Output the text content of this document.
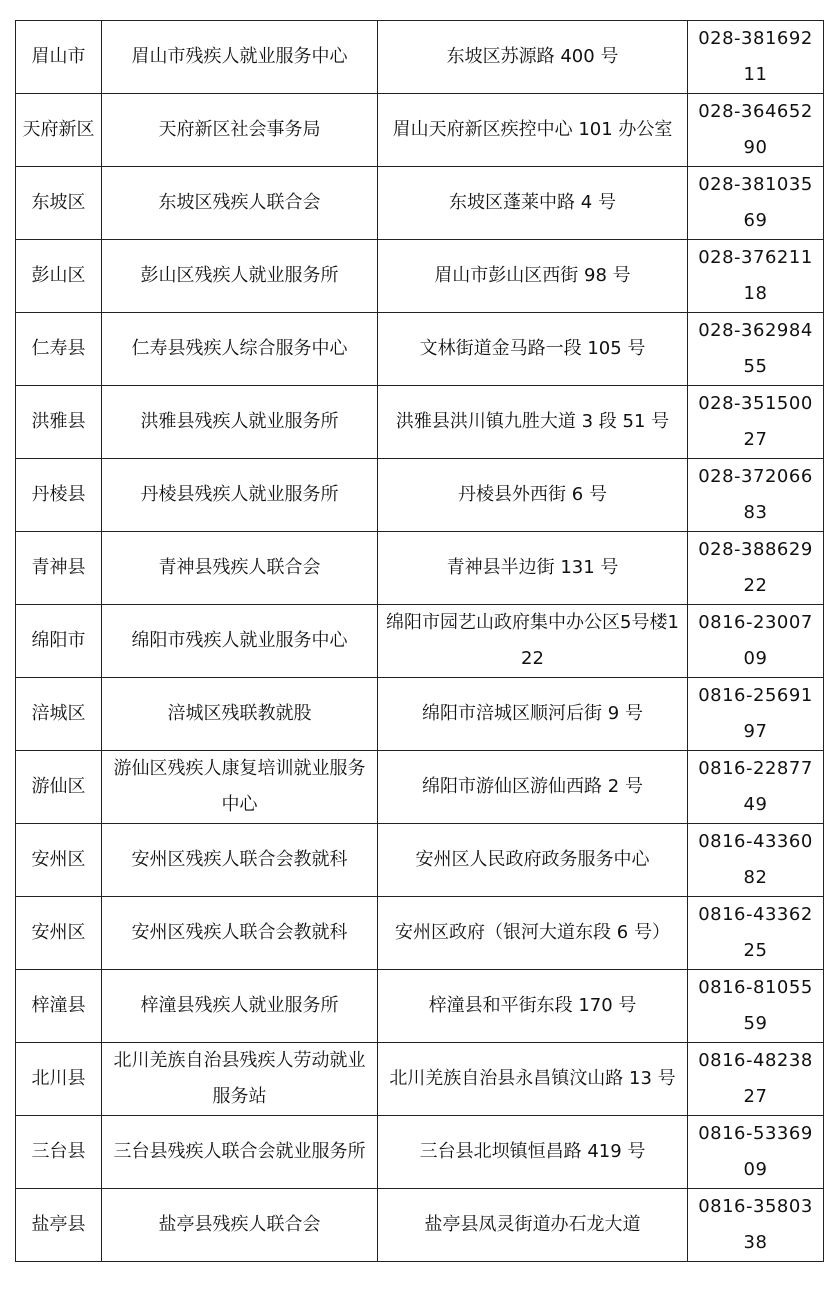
眉山市	眉山市残疾人就业服务中心	东坡区苏源路 400 号	028-381692
11

天府新区	天府新区社会事务局	眉山天府新区疾控中心 101 办公室	028-364652
90

东坡区	东坡区残疾人联合会	东坡区蓬莱中路 4 号	028-381035
69

彭山区	彭山区残疾人就业服务所	眉山市彭山区西街 98 号	028-376211
18

仁寿县	仁寿县残疾人综合服务中心	文林街道金马路一段 105 号	028-362984
55

洪雅县	洪雅县残疾人就业服务所	洪雅县洪川镇九胜大道 3 段 51 号	028-351500
27

丹棱县	丹棱县残疾人就业服务所	丹棱县外西街 6 号	028-372066
83

青神县	青神县残疾人联合会	青神县半边街 131 号	028-388629
22

绵阳市	绵阳市残疾人就业服务中心	绵阳市园艺山政府集中办公区5号楼122	0816-23007
09

涪城区	涪城区残联教就股	绵阳市涪城区顺河后街 9 号	0816-25691
97

游仙区	游仙区残疾人康复培训就业服务中心	绵阳市游仙区游仙西路 2 号	0816-22877
49

安州区	安州区残疾人联合会教就科	安州区人民政府政务服务中心	0816-43360
82

安州区	安州区残疾人联合会教就科	安州区政府（银河大道东段 6 号）	0816-43362
25

梓潼县	梓潼县残疾人就业服务所	梓潼县和平街东段 170 号	0816-81055
59

北川县	北川羌族自治县残疾人劳动就业服务站	北川羌族自治县永昌镇汶山路 13 号	0816-48238
27

三台县	三台县残疾人联合会就业服务所	三台县北坝镇恒昌路 419 号	0816-53369
09

盐亭县	盐亭县残疾人联合会	盐亭县凤灵街道办石龙大道	0816-35803
38
